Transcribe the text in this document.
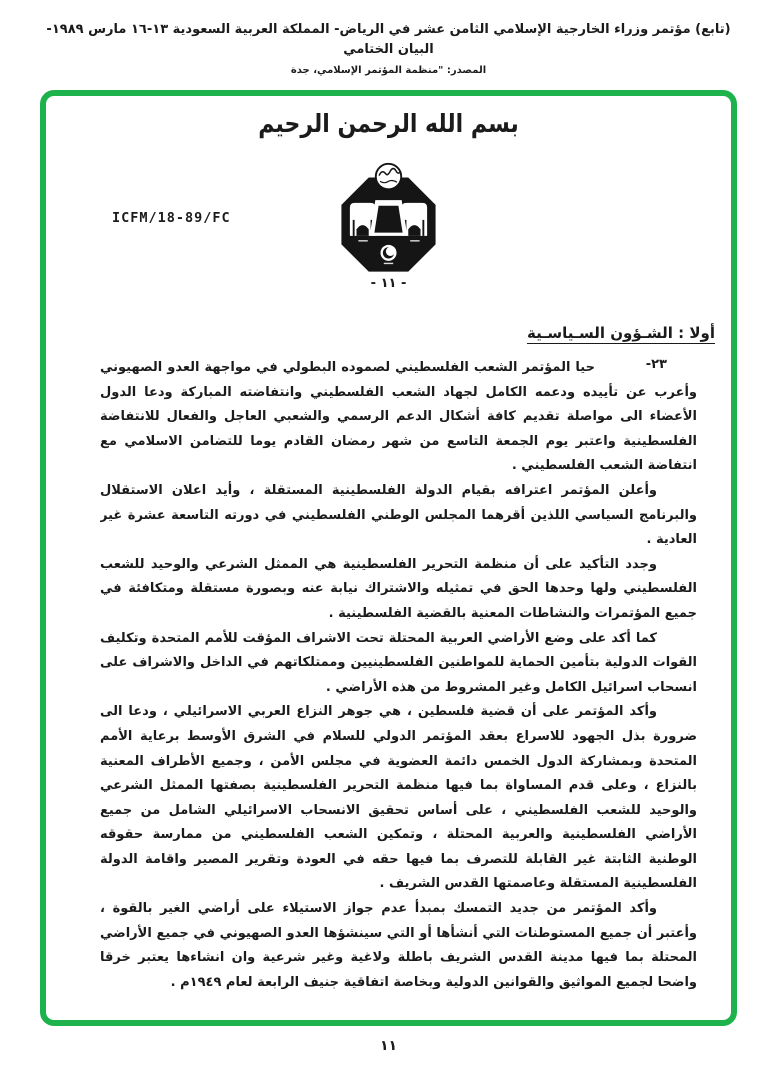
(تابع) مؤتمر وزراء الخارجية الإسلامي الثامن عشر في الرياض- المملكة العربية السعودية ١٣-١٦ مارس ١٩٨٩- البيان الختامي
المصدر: "منظمة المؤتمر الإسلامي، جدة
بسم الله الرحمن الرحيم
ICFM/18-89/FC
- ١١ -
أولا : الشـؤون السـياسـية
٢٣-

حيا المؤتمر الشعب الفلسطيني لصموده البطولي في مواجهة العدو الصهيوني وأعرب عن تأييده ودعمه الكامل لجهاد الشعب الفلسطيني وانتفاضته المباركة ودعا الدول الأعضاء الى مواصلة تقديم كافة أشكال الدعم الرسمي والشعبي العاجل والفعال للانتفاضة الفلسطينية واعتبر يوم الجمعة التاسع من شهر رمضان القادم يوما للتضامن الاسلامي مع انتفاضة الشعب الفلسطيني .

وأعلن المؤتمر اعترافه بقيام الدولة الفلسطينية المستقلة ، وأيد اعلان الاستقلال والبرنامج السياسي اللذين أقرهما المجلس الوطني الفلسطيني في دورته التاسعة عشرة غير العادية .

وجدد التأكيد على أن منظمة التحرير الفلسطينية هي الممثل الشرعي والوحيد للشعب الفلسطيني ولها وحدها الحق في تمثيله والاشتراك نيابة عنه وبصورة مستقلة ومتكافئة في جميع المؤتمرات والنشاطات المعنية بالقضية الفلسطينية .

كما أكد على وضع الأراضي العربية المحتلة تحت الاشراف المؤقت للأمم المتحدة وتكليف القوات الدولية بتأمين الحماية للمواطنين الفلسطينيين وممتلكاتهم في الداخل والاشراف على انسحاب اسرائيل الكامل وغير المشروط من هذه الأراضي .

وأكد المؤتمر على أن قضية فلسطين ، هي جوهر النزاع العربي الاسرائيلي ، ودعا الى ضرورة بذل الجهود للاسراع بعقد المؤتمر الدولي للسلام في الشرق الأوسط برعاية الأمم المتحدة وبمشاركة الدول الخمس دائمة العضوية في مجلس الأمن ، وجميع الأطراف المعنية بالنزاع ، وعلى قدم المساواة بما فيها منظمة التحرير الفلسطينية بصفتها الممثل الشرعي والوحيد للشعب الفلسطيني ، على أساس تحقيق الانسحاب الاسرائيلي الشامل من جميع الأراضي الفلسطينية والعربية المحتلة ، وتمكين الشعب الفلسطيني من ممارسة حقوقه الوطنية الثابتة غير القابلة للتصرف بما فيها حقه في العودة وتقرير المصير واقامة الدولة الفلسطينية المستقلة وعاصمتها القدس الشريف .

وأكد المؤتمر من جديد التمسك بمبدأ عدم جواز الاستيلاء على أراضي الغير بالقوة ، وأعتبر أن جميع المستوطنات التي أنشأها أو التي سينشؤها العدو الصهيوني في جميع الأراضي المحتلة بما فيها مدينة القدس الشريف باطلة ولاغية وغير شرعية وان انشاءها يعتبر خرقا واضحا لجميع المواثيق والقوانين الدولية وبخاصة اتفاقية جنيف الرابعة لعام ١٩٤٩م .

١١
